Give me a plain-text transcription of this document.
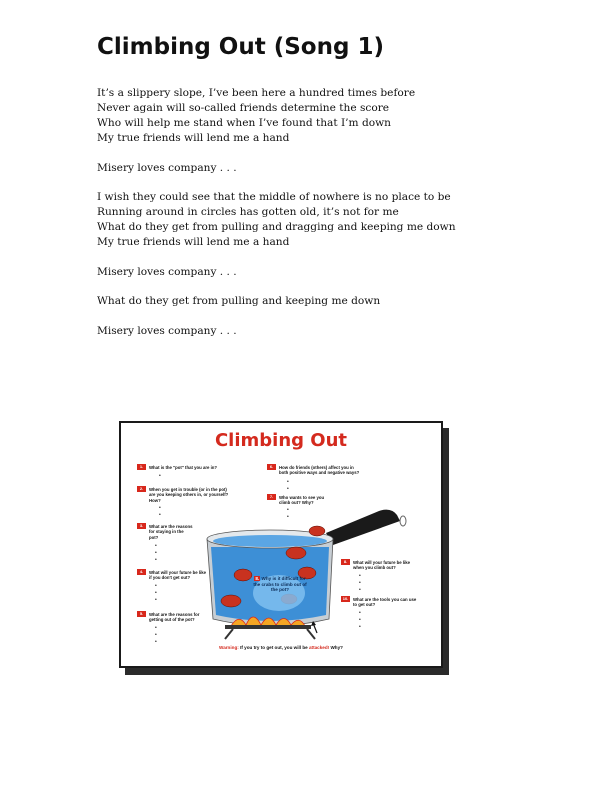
Climbing Out (Song 1)
It’s a slippery slope, I’ve been here a hundred times before
Never again will so-called friends determine the score
Who will help me stand when I’ve found that I’m down
My true friends will lend me a hand
Misery loves company . . .
I wish they could see that the middle of nowhere is no place to be
Running around in circles has gotten old, it’s not for me
What do they get from pulling and dragging and keeping me down
My true friends will lend me a hand
Misery loves company . . .
What do they get from pulling and keeping me down
Misery loves company . . .
Climbing Out
8. Why is it difficult for the crabs to climb out of the pot?
1.	What is the "pot" that you are in?
•
2.	When you get in trouble (or in the pot) are you keeping others in, or yourself? How?
•
•
3.	What are the reasons for staying in the pot?
•
•
•
4.	What will your future be like if you don't get out?
•
•
•
5.	What are the reasons for getting out of the pot?
•
•
•
6.	How do friends (others) affect you in both positive ways and negative ways?
•
•
7.	Who wants to see you climb out? Why?
•
•
8.	What will your future be like when you climb out?
•
•
•
10.	What are the tools you can use to get out?
•
•
•
Warning: If you try to get out, you will be attacked! Why?
